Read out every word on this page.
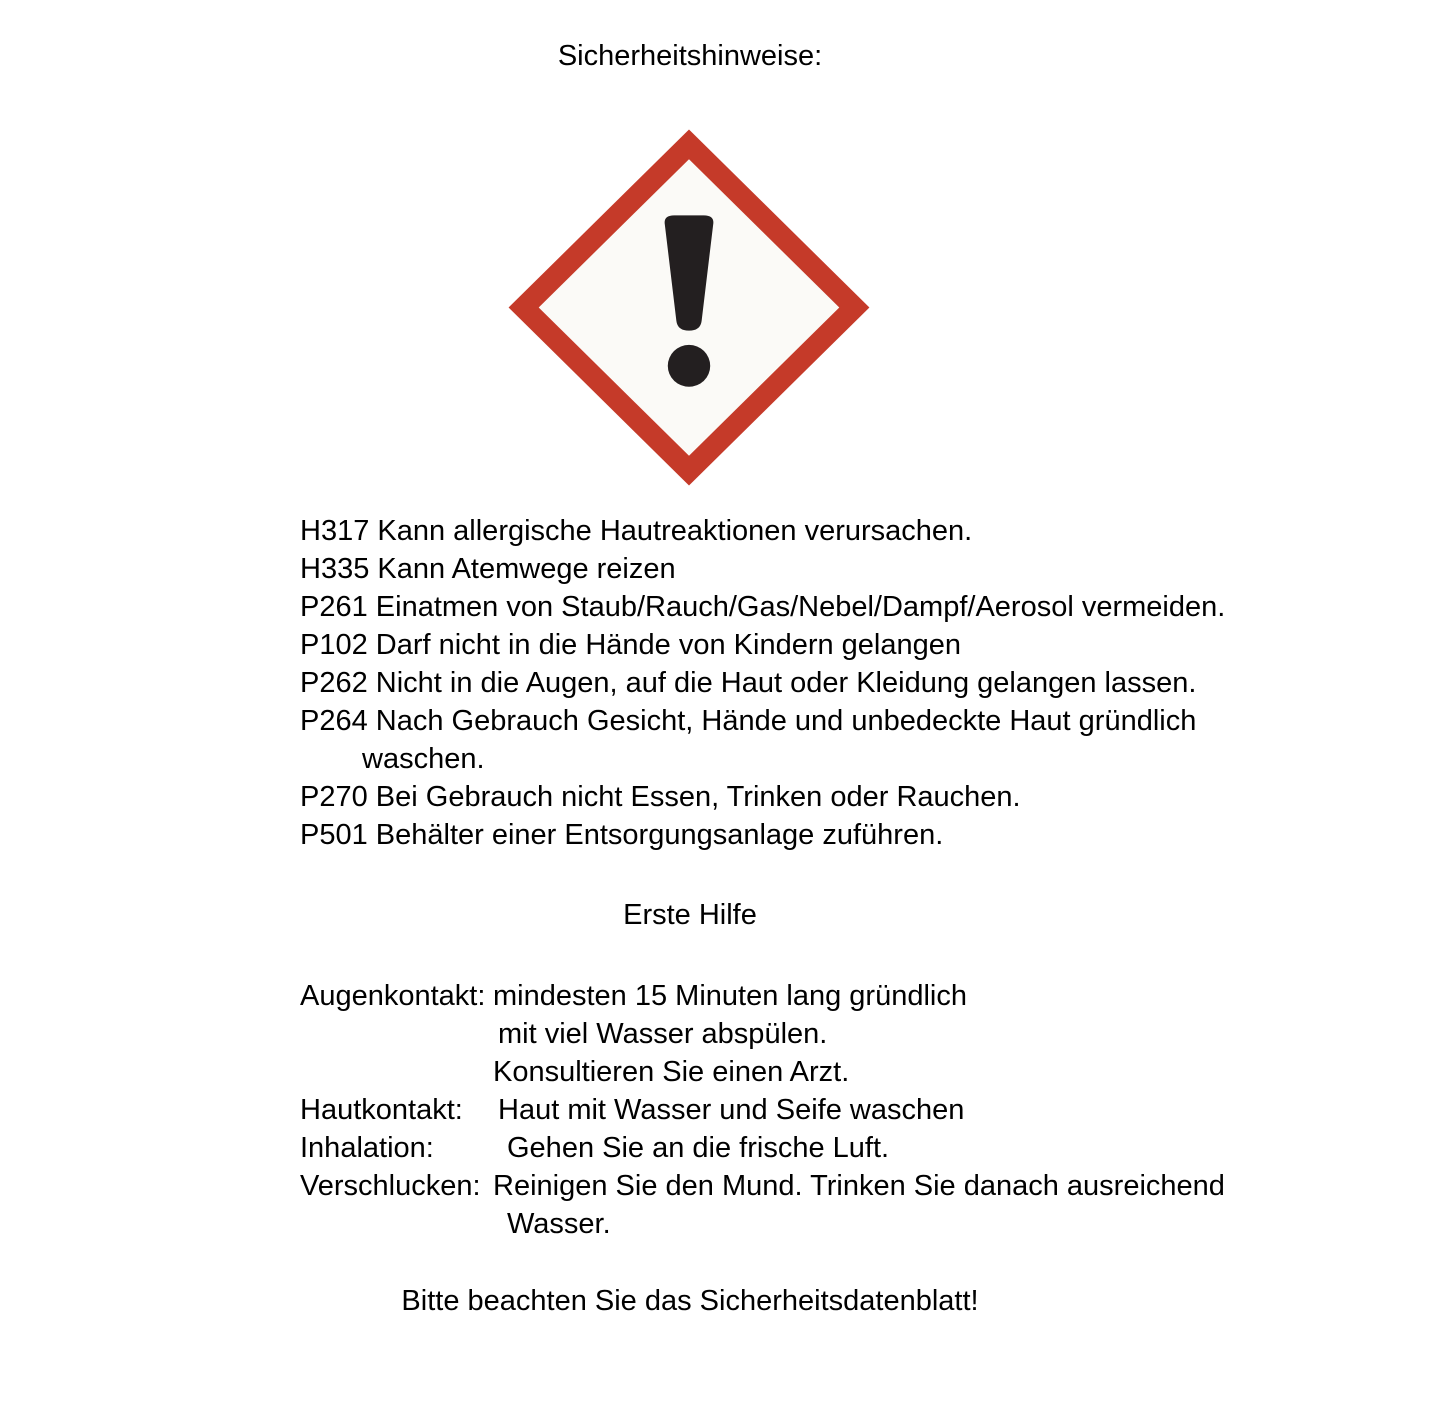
Sicherheitshinweise:
H317 Kann allergische Hautreaktionen verursachen.
H335 Kann Atemwege reizen
P261 Einatmen von Staub/Rauch/Gas/Nebel/Dampf/Aerosol vermeiden.
P102 Darf nicht in die Hände von Kindern gelangen
P262 Nicht in die Augen, auf die Haut oder Kleidung gelangen lassen.
P264 Nach Gebrauch Gesicht, Hände und unbedeckte Haut gründlich
waschen.
P270 Bei Gebrauch nicht Essen, Trinken oder Rauchen.
P501 Behälter einer Entsorgungsanlage zuführen.
Erste Hilfe
Augenkontakt: mindesten 15 Minuten lang gründlich
mit viel Wasser abspülen.
Konsultieren Sie einen Arzt.
Hautkontakt:	Haut mit Wasser und Seife waschen
Inhalation:	Gehen Sie an die frische Luft.
Verschlucken: Reinigen Sie den Mund. Trinken Sie danach ausreichend
Wasser.
Bitte beachten Sie das Sicherheitsdatenblatt!
